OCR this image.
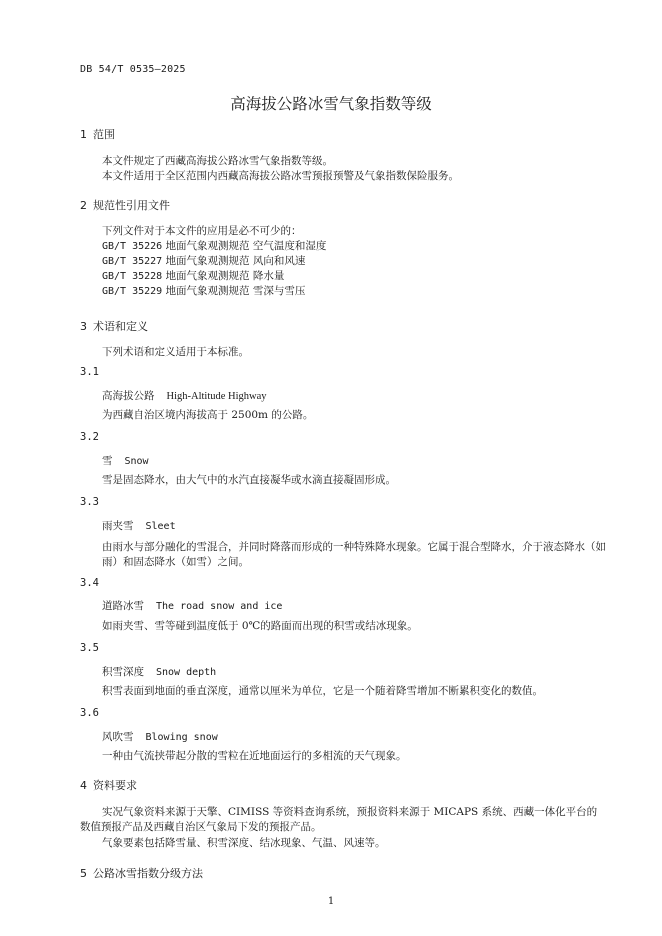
DB 54/T 0535—2025
高海拔公路冰雪气象指数等级
1 范围
本文件规定了西藏高海拔公路冰雪气象指数等级。
本文件适用于全区范围内西藏高海拔公路冰雪预报预警及气象指数保险服务。
2 规范性引用文件
下列文件对于本文件的应用是必不可少的：
GB/T 35226 地面气象观测规范 空气温度和湿度
GB/T 35227 地面气象观测规范 风向和风速
GB/T 35228 地面气象观测规范 降水量
GB/T 35229 地面气象观测规范 雪深与雪压
3 术语和定义
下列术语和定义适用于本标准。
3.1
高海拔公路 High-Altitude Highway
为西藏自治区境内海拔高于 2500m 的公路。
3.2
雪 Snow
雪是固态降水，由大气中的水汽直接凝华或水滴直接凝固形成。
3.3
雨夹雪 Sleet
由雨水与部分融化的雪混合，并同时降落而形成的一种特殊降水现象。它属于混合型降水，介于液态降水（如雨）和固态降水（如雪）之间。
3.4
道路冰雪 The road snow and ice
如雨夹雪、雪等碰到温度低于 0℃的路面而出现的积雪或结冰现象。
3.5
积雪深度 Snow depth
积雪表面到地面的垂直深度，通常以厘米为单位，它是一个随着降雪增加不断累积变化的数值。
3.6
风吹雪 Blowing snow
一种由气流挟带起分散的雪粒在近地面运行的多相流的天气现象。
4 资料要求
实况气象资料来源于天擎、CIMISS 等资料查询系统，预报资料来源于 MICAPS 系统、西藏一体化平台的数值预报产品及西藏自治区气象局下发的预报产品。
气象要素包括降雪量、积雪深度、结冰现象、气温、风速等。
5 公路冰雪指数分级方法
1
